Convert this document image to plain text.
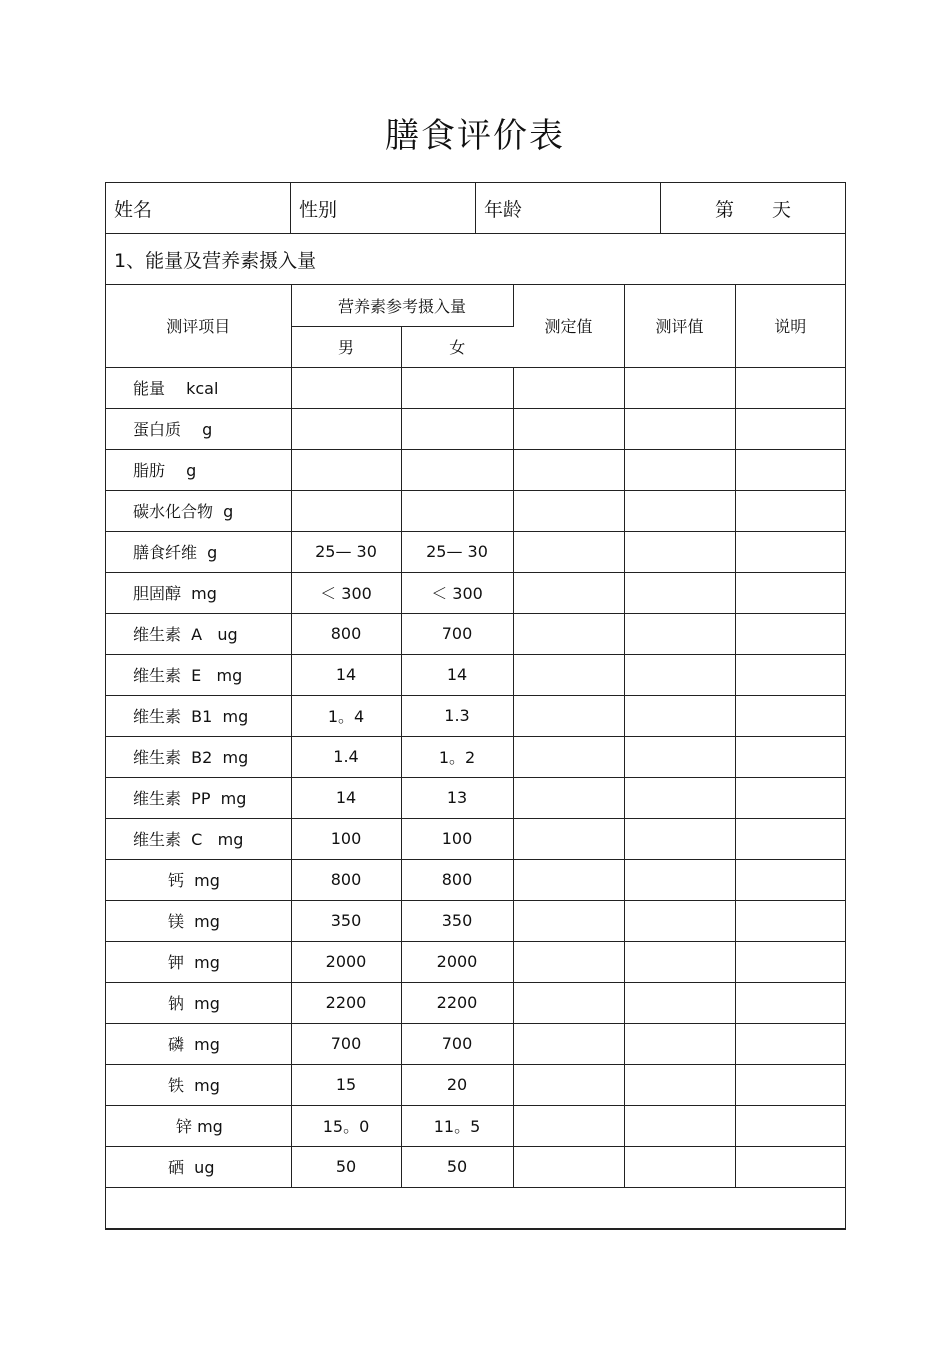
膳食评价表
姓名	性别	年龄	第　　天
1、能量及营养素摄入量
测评项目	营养素参考摄入量		测定值	测评值	说明
	男	女			
能量　 kcal					
蛋白质　 g					
脂肪　 g					
碳水化合物  g					
膳食纤维  g	25— 30	25— 30			
胆固醇  mg	＜ 300	＜ 300			
维生素  A   ug	800	700			
维生素  E   mg	14	14			
维生素  B1  mg	1。4	1.3			
维生素  B2  mg	1.4	1。2			
维生素  PP  mg	14	13			
维生素  C   mg	100	100			
钙  mg	800	800			
镁  mg	350	350			
钾  mg	2000	2000			
钠  mg	2200	2200			
磷  mg	700	700			
铁  mg	15	20			
锌 mg	15。0	11。5			
硒  ug	50	50			
